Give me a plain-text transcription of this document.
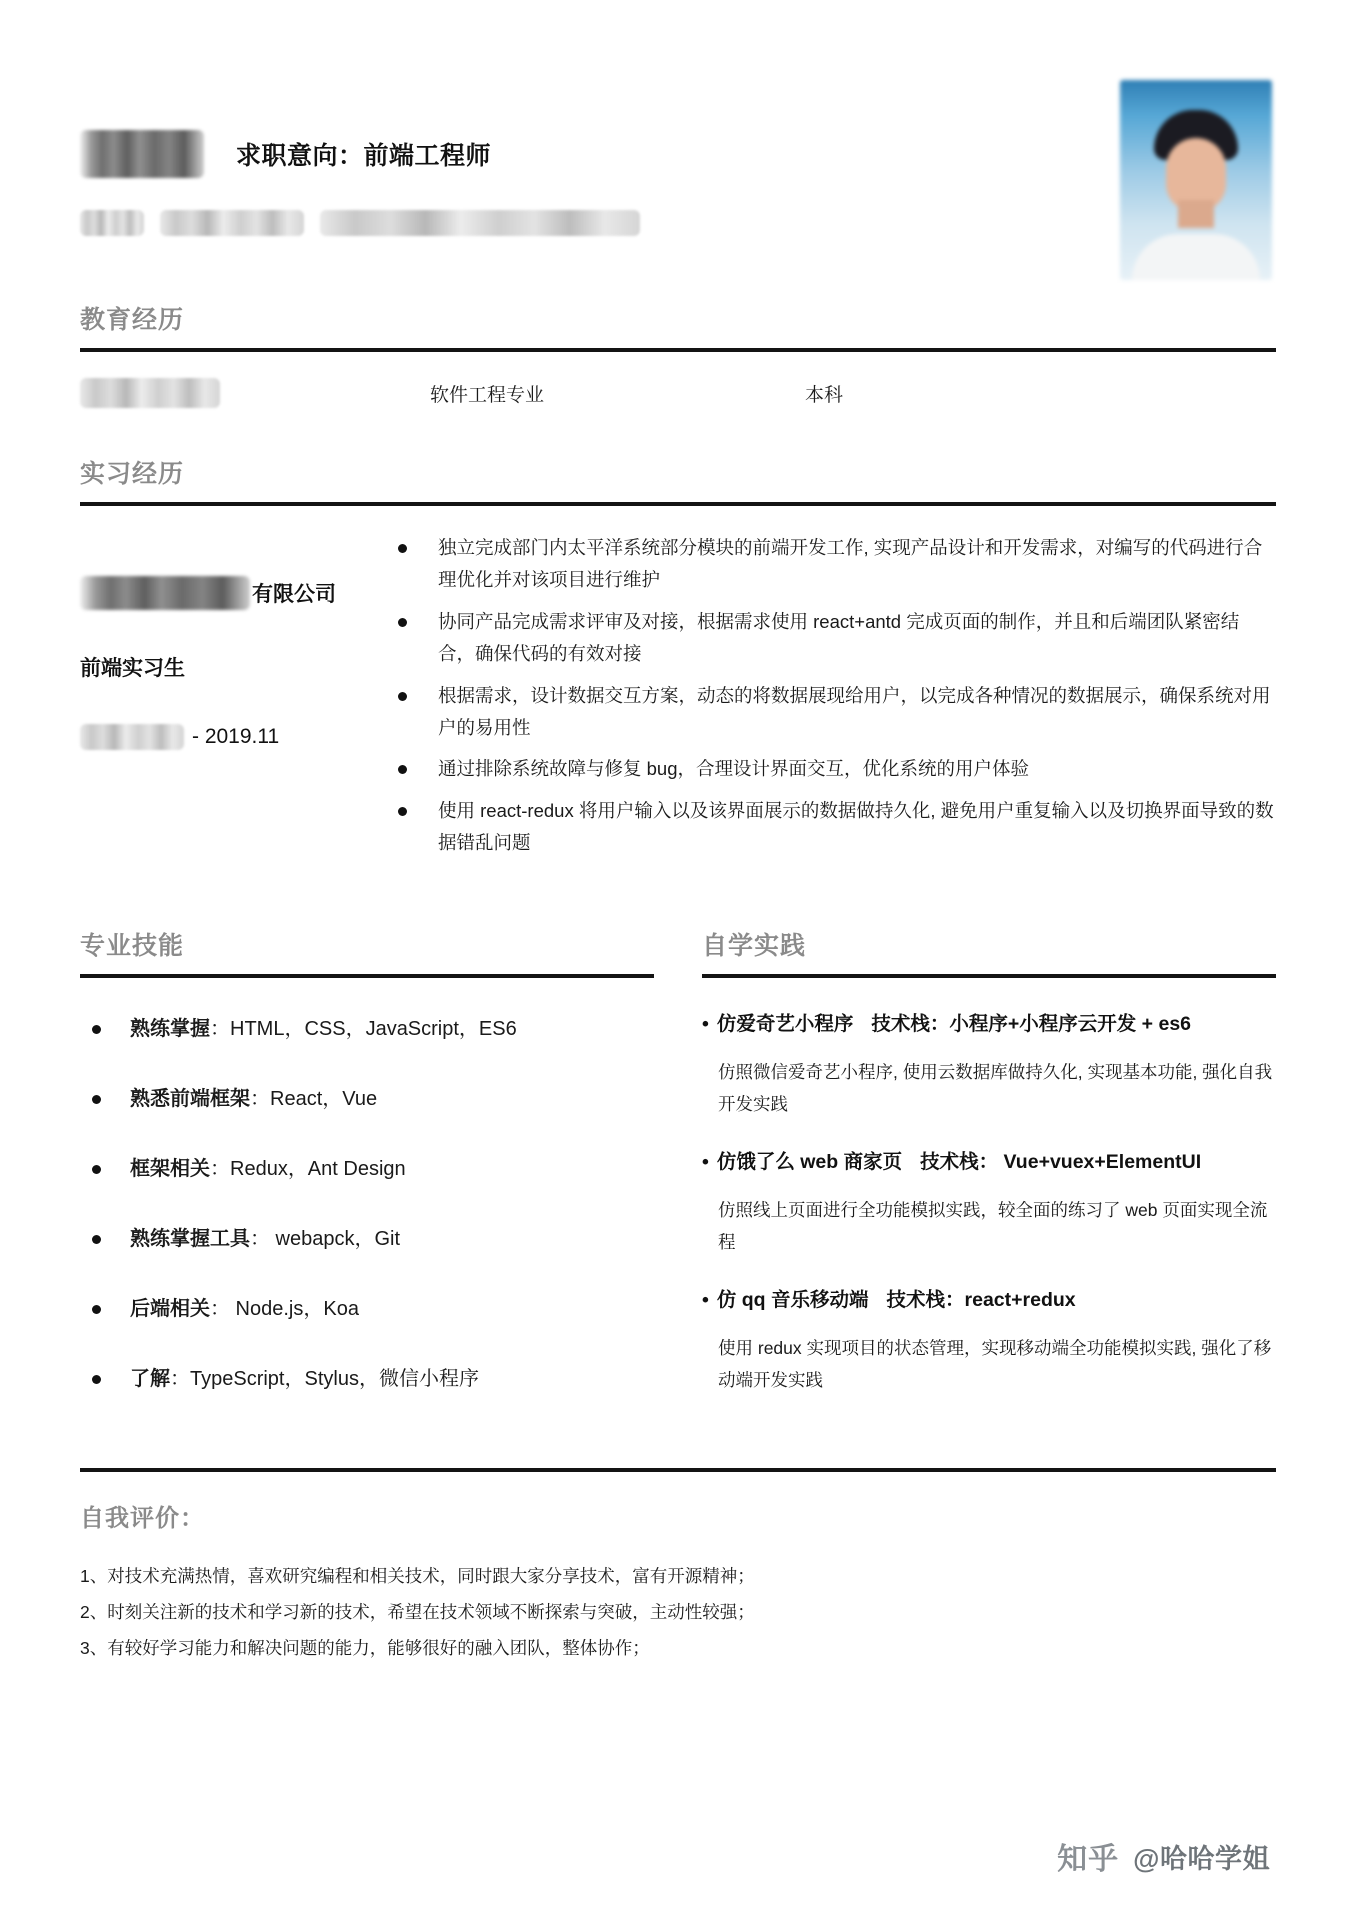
求职意向：前端工程师
教育经历
软件工程专业	本科
实习经历
有限公司
前端实习生
- 2019.11
独立完成部门内太平洋系统部分模块的前端开发工作, 实现产品设计和开发需求，对编写的代码进行合理优化并对该项目进行维护
协同产品完成需求评审及对接，根据需求使用 react+antd 完成页面的制作，并且和后端团队紧密结合，确保代码的有效对接
根据需求，设计数据交互方案，动态的将数据展现给用户，以完成各种情况的数据展示，确保系统对用户的易用性
通过排除系统故障与修复 bug，合理设计界面交互，优化系统的用户体验
使用 react-redux 将用户输入以及该界面展示的数据做持久化, 避免用户重复输入以及切换界面导致的数据错乱问题
专业技能
熟练掌握：HTML，CSS，JavaScript，ES6
熟悉前端框架：React，Vue
框架相关：Redux，Ant Design
熟练掌握工具： webapck，Git
后端相关： Node.js，Koa
了解：TypeScript，Stylus，微信小程序
自学实践
• 仿爱奇艺小程序 技术栈：小程序+小程序云开发 + es6
仿照微信爱奇艺小程序, 使用云数据库做持久化, 实现基本功能, 强化自我开发实践
• 仿饿了么 web 商家页 技术栈： Vue+vuex+ElementUI
仿照线上页面进行全功能模拟实践，较全面的练习了 web 页面实现全流程
• 仿 qq 音乐移动端 技术栈：react+redux
使用 redux 实现项目的状态管理，实现移动端全功能模拟实践, 强化了移动端开发实践
自我评价：
1、对技术充满热情，喜欢研究编程和相关技术，同时跟大家分享技术，富有开源精神；
2、时刻关注新的技术和学习新的技术，希望在技术领域不断探索与突破，主动性较强；
3、有较好学习能力和解决问题的能力，能够很好的融入团队，整体协作；
知乎 @哈哈学姐
